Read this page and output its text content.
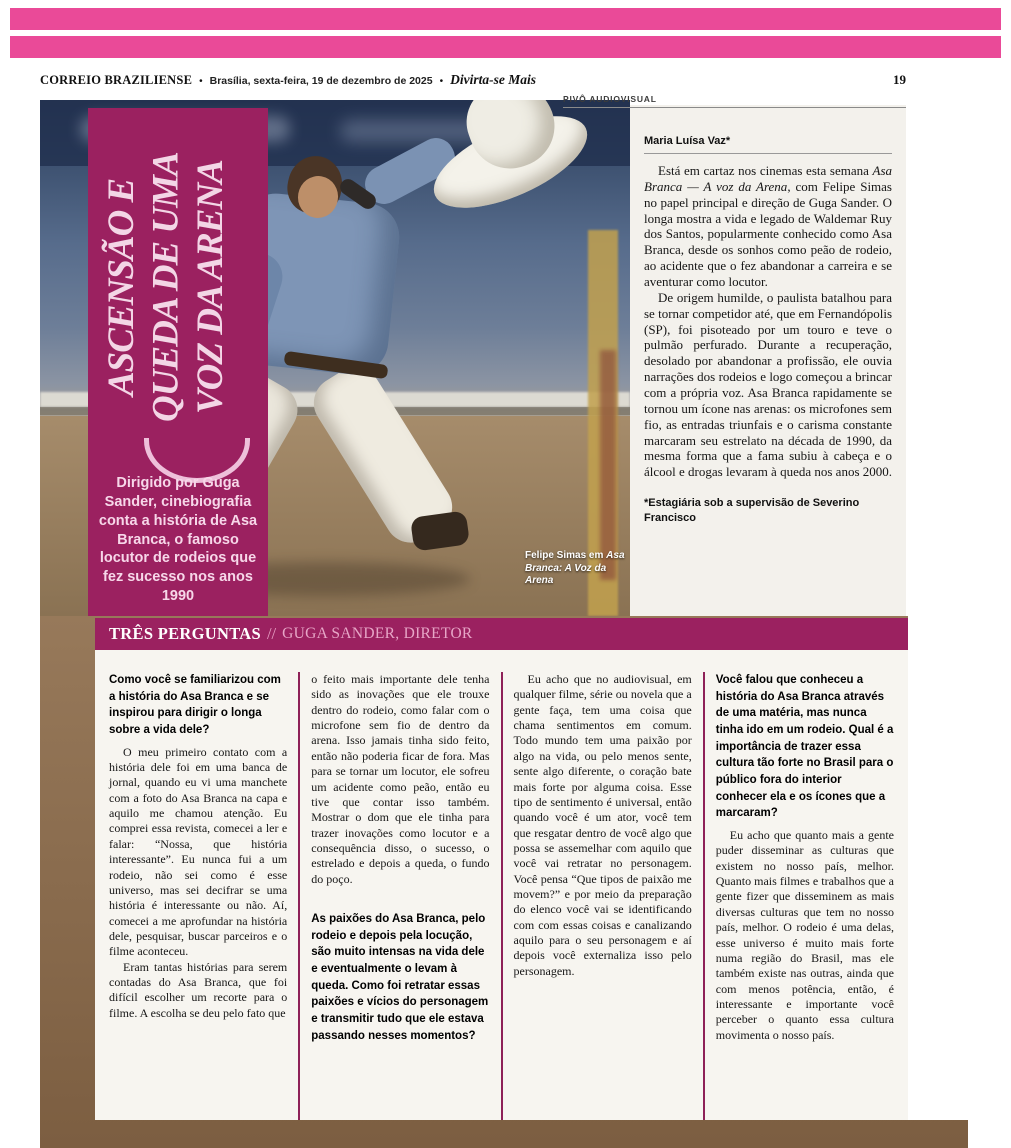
CORREIO BRAZILIENSE • Brasília, sexta-feira, 19 de dezembro de 2025 • Divirta-se Mais	19
PIVÔ AUDIOVISUAL
ASCENSÃO E QUEDA DE UMA VOZ DA ARENA
Dirigido por Guga Sander, cinebiografia conta a história de Asa Branca, o famoso locutor de rodeios que fez sucesso nos anos 1990
Felipe Simas em Asa Branca: A Voz da Arena
Maria Luísa Vaz*

Está em cartaz nos cinemas esta semana Asa Branca — A voz da Arena, com Felipe Simas no papel principal e direção de Guga Sander. O longa mostra a vida e legado de Waldemar Ruy dos Santos, popularmente conhecido como Asa Branca, desde os sonhos como peão de rodeio, ao acidente que o fez abandonar a carreira e se aventurar como locutor.

De origem humilde, o paulista batalhou para se tornar competidor até, que em Fernandópolis (SP), foi pisoteado por um touro e teve o pulmão perfurado. Durante a recuperação, desolado por abandonar a profissão, ele ouvia narrações dos rodeios e logo começou a brincar com a própria voz. Asa Branca rapidamente se tornou um ícone nas arenas: os microfones sem fio, as entradas triunfais e o carisma constante marcaram seu estrelato na década de 1990, da mesma forma que a fama subiu à cabeça e o álcool e drogas levaram à queda nos anos 2000.

*Estagiária sob a supervisão de Severino Francisco
TRÊS PERGUNTAS // GUGA SANDER, DIRETOR

Como você se familiarizou com a história do Asa Branca e se inspirou para dirigir o longa sobre a vida dele?

O meu primeiro contato com a história dele foi em uma banca de jornal, quando eu vi uma manchete com a foto do Asa Branca na capa e aquilo me chamou atenção. Eu comprei essa revista, comecei a ler e falar: “Nossa, que história interessante”. Eu nunca fui a um rodeio, não sei como é esse universo, mas sei decifrar se uma história é interessante ou não. Aí, comecei a me aprofundar na história dele, pesquisar, buscar parceiros e o filme aconteceu.

Eram tantas histórias para serem contadas do Asa Branca, que foi difícil escolher um recorte para o filme. A escolha se deu pelo fato que

o feito mais importante dele tenha sido as inovações que ele trouxe dentro do rodeio, como falar com o microfone sem fio de dentro da arena. Isso jamais tinha sido feito, então não poderia ficar de fora. Mas para se tornar um locutor, ele sofreu um acidente como peão, então eu tive que contar isso também. Mostrar o dom que ele tinha para trazer inovações como locutor e a consequência disso, o sucesso, o estrelado e depois a queda, o fundo do poço.

As paixões do Asa Branca, pelo rodeio e depois pela locução, são muito intensas na vida dele e eventualmente o levam à queda. Como foi retratar essas paixões e vícios do personagem e transmitir tudo que ele estava passando nesses momentos?

Eu acho que no audiovisual, em qualquer filme, série ou novela que a gente faça, tem uma coisa que chama sentimentos em comum. Todo mundo tem uma paixão por algo na vida, ou pelo menos sente, sente algo diferente, o coração bate mais forte por alguma coisa. Esse tipo de sentimento é universal, então quando você é um ator, você tem que resgatar dentro de você algo que possa se assemelhar com aquilo que você vai retratar no personagem. Você pensa “Que tipos de paixão me movem?” e por meio da preparação do elenco você vai se identificando com com essas coisas e canalizando aquilo para o seu personagem e aí depois você externaliza isso pelo personagem.

Você falou que conheceu a história do Asa Branca através de uma matéria, mas nunca tinha ido em um rodeio. Qual é a importância de trazer essa cultura tão forte no Brasil para o público fora do interior conhecer ela e os ícones que a marcaram?

Eu acho que quanto mais a gente puder disseminar as culturas que existem no nosso país, melhor. Quanto mais filmes e trabalhos que a gente fizer que disseminem as mais diversas culturas que tem no nosso país, melhor. O rodeio é uma delas, esse universo é muito mais forte numa região do Brasil, mas ele também existe nas outras, ainda que com menos potência, então, é interessante e importante você perceber o quanto essa cultura movimenta o nosso país.
